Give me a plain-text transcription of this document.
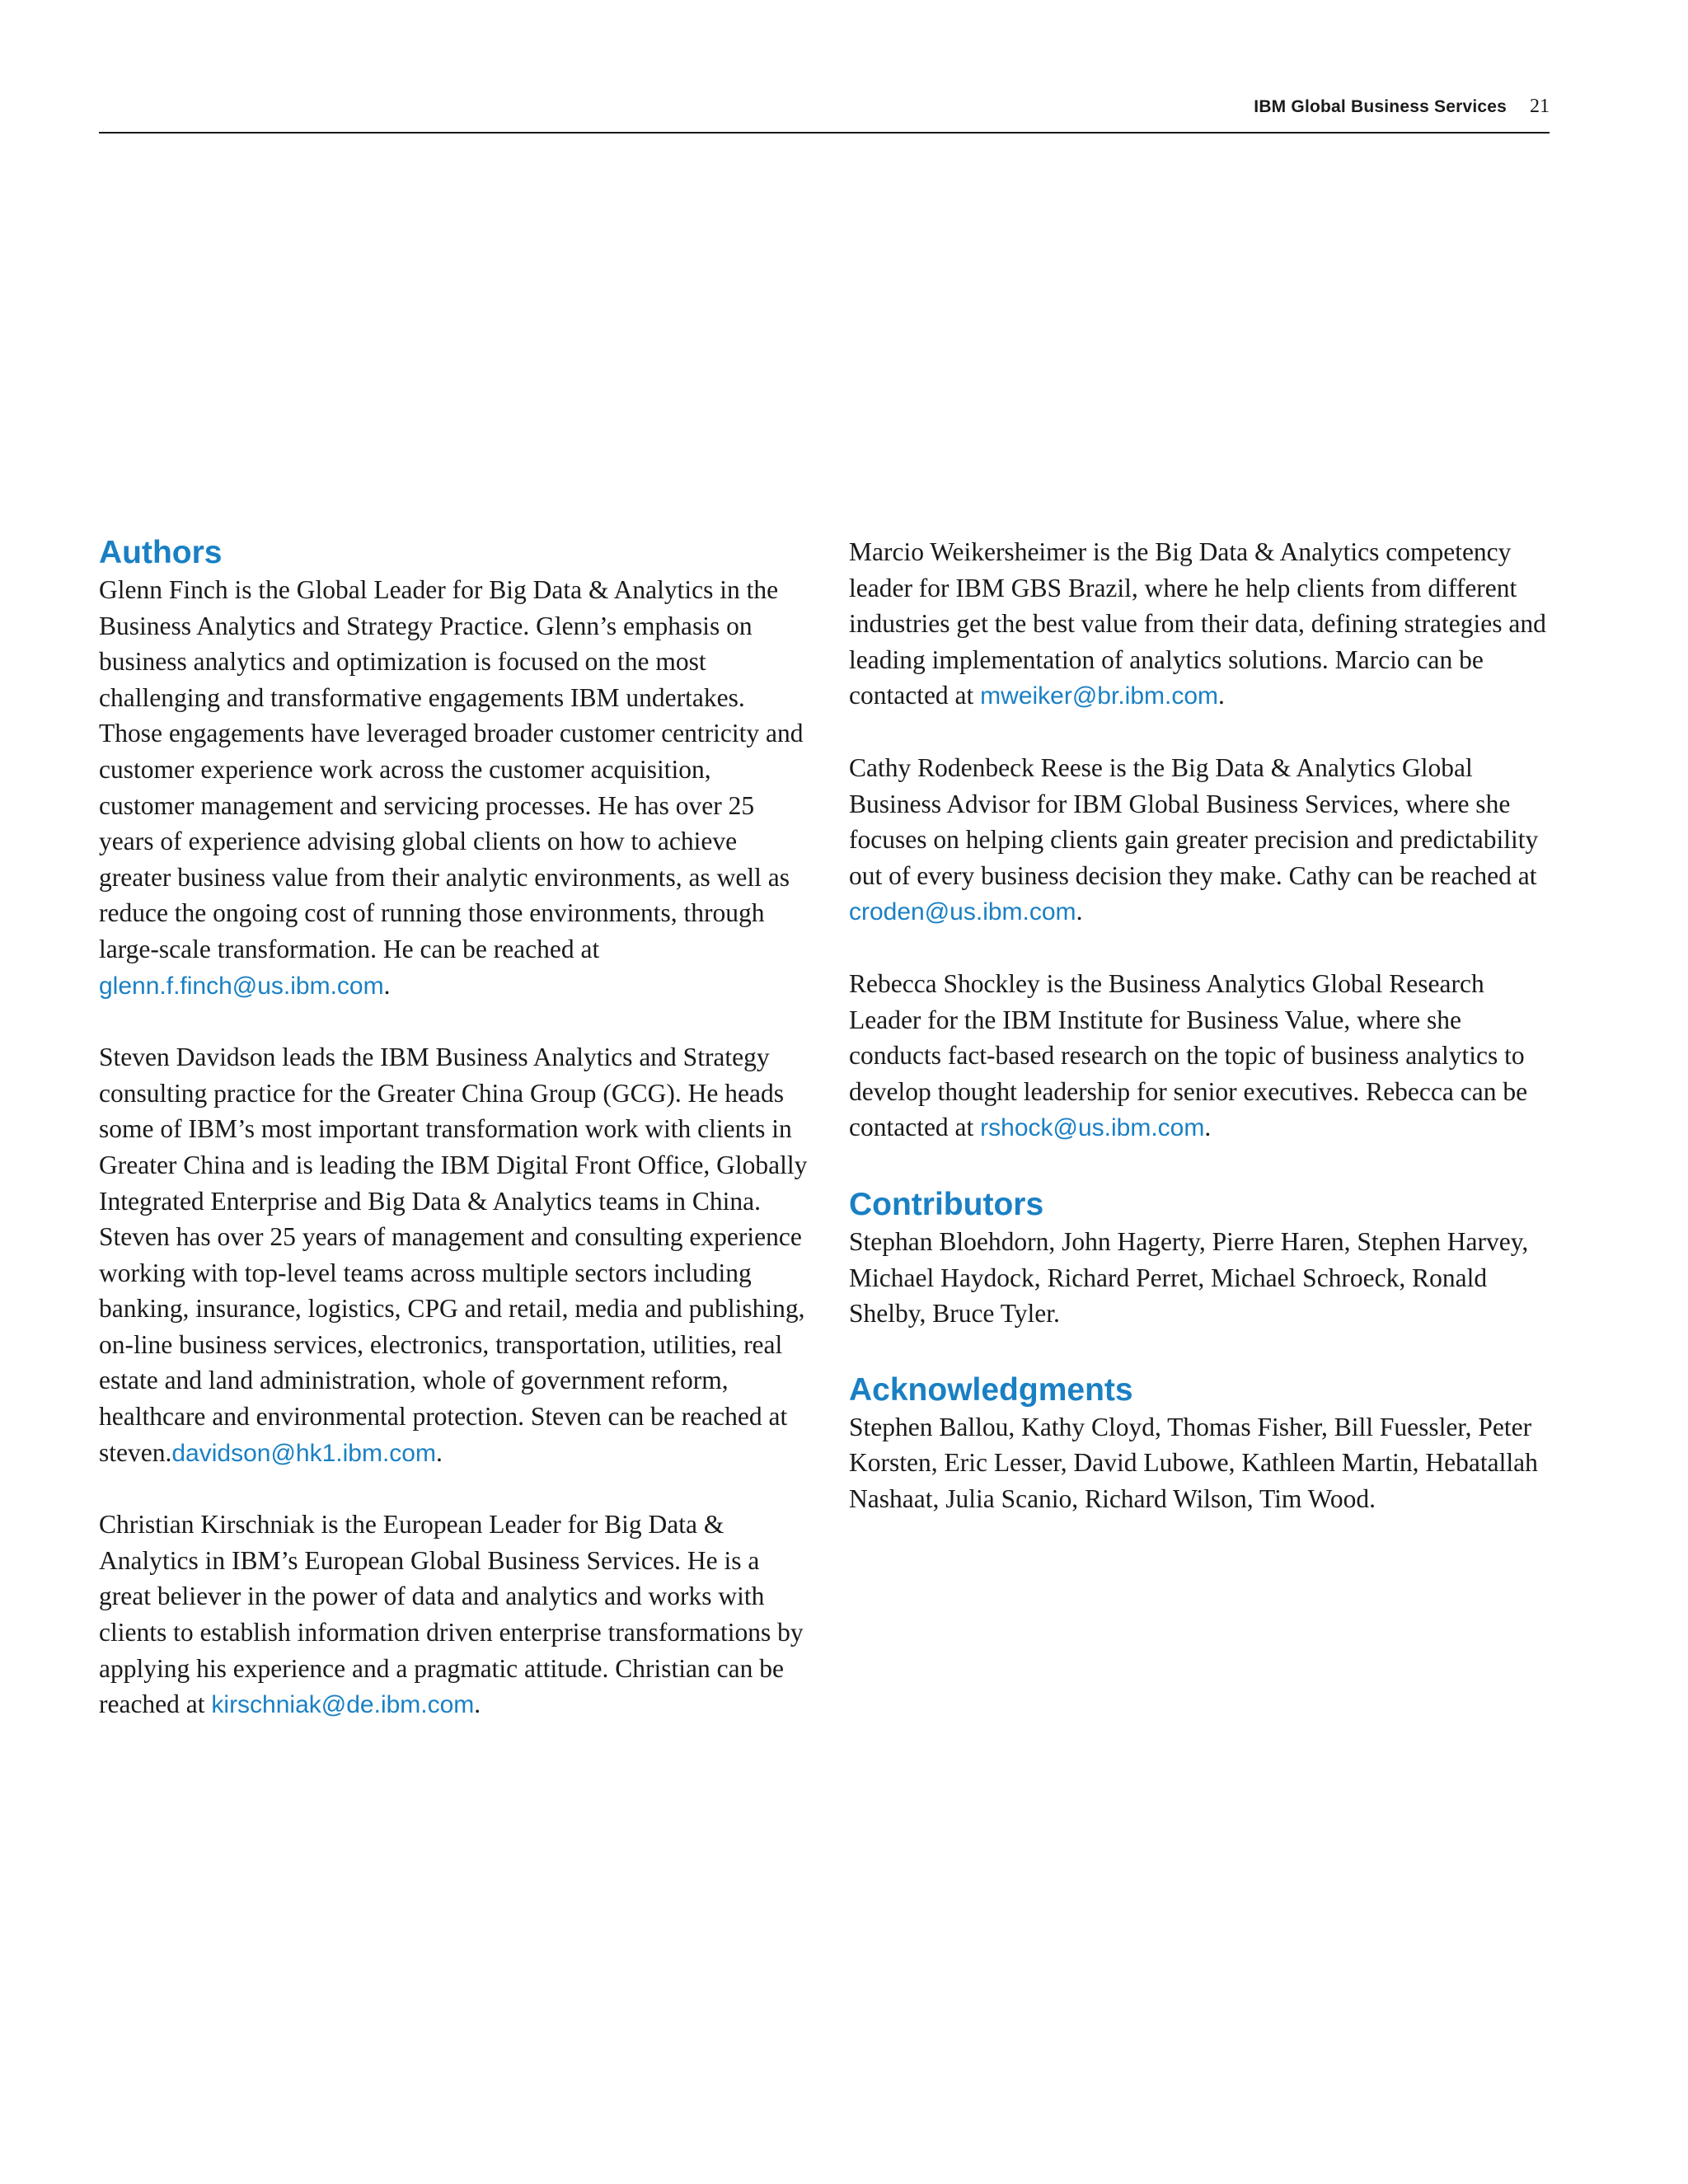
IBM Global Business Services 21
Authors

Glenn Finch is the Global Leader for Big Data & Analytics in the Business Analytics and Strategy Practice. Glenn’s emphasis on business analytics and optimization is focused on the most challenging and transformative engagements IBM undertakes. Those engagements have leveraged broader customer centricity and customer experience work across the customer acquisition, customer management and servicing processes. He has over 25 years of experience advising global clients on how to achieve greater business value from their analytic environments, as well as reduce the ongoing cost of running those environments, through large-scale transformation. He can be reached at glenn.f.finch@us.ibm.com.

Steven Davidson leads the IBM Business Analytics and Strategy consulting practice for the Greater China Group (GCG). He heads some of IBM’s most important transformation work with clients in Greater China and is leading the IBM Digital Front Office, Globally Integrated Enterprise and Big Data & Analytics teams in China. Steven has over 25 years of management and consulting experience working with top-level teams across multiple sectors including banking, insurance, logistics, CPG and retail, media and publishing, on-line business services, electronics, transportation, utilities, real estate and land administration, whole of government reform, healthcare and environmental protection. Steven can be reached at steven.davidson@hk1.ibm.com.

Christian Kirschniak is the European Leader for Big Data & Analytics in IBM’s European Global Business Services. He is a great believer in the power of data and analytics and works with clients to establish information driven enterprise transformations by applying his experience and a pragmatic attitude. Christian can be reached at kirschniak@de.ibm.com.

Marcio Weikersheimer is the Big Data & Analytics competency leader for IBM GBS Brazil, where he help clients from different industries get the best value from their data, defining strategies and leading implementation of analytics solutions. Marcio can be contacted at mweiker@br.ibm.com.

Cathy Rodenbeck Reese is the Big Data & Analytics Global Business Advisor for IBM Global Business Services, where she focuses on helping clients gain greater precision and predictability out of every business decision they make. Cathy can be reached at croden@us.ibm.com.

Rebecca Shockley is the Business Analytics Global Research Leader for the IBM Institute for Business Value, where she conducts fact-based research on the topic of business analytics to develop thought leadership for senior executives. Rebecca can be contacted at rshock@us.ibm.com.

Contributors

Stephan Bloehdorn, John Hagerty, Pierre Haren, Stephen Harvey, Michael Haydock, Richard Perret, Michael Schroeck, Ronald Shelby, Bruce Tyler.

Acknowledgments

Stephen Ballou, Kathy Cloyd, Thomas Fisher, Bill Fuessler, Peter Korsten, Eric Lesser, David Lubowe, Kathleen Martin, Hebatallah Nashaat, Julia Scanio, Richard Wilson, Tim Wood.
